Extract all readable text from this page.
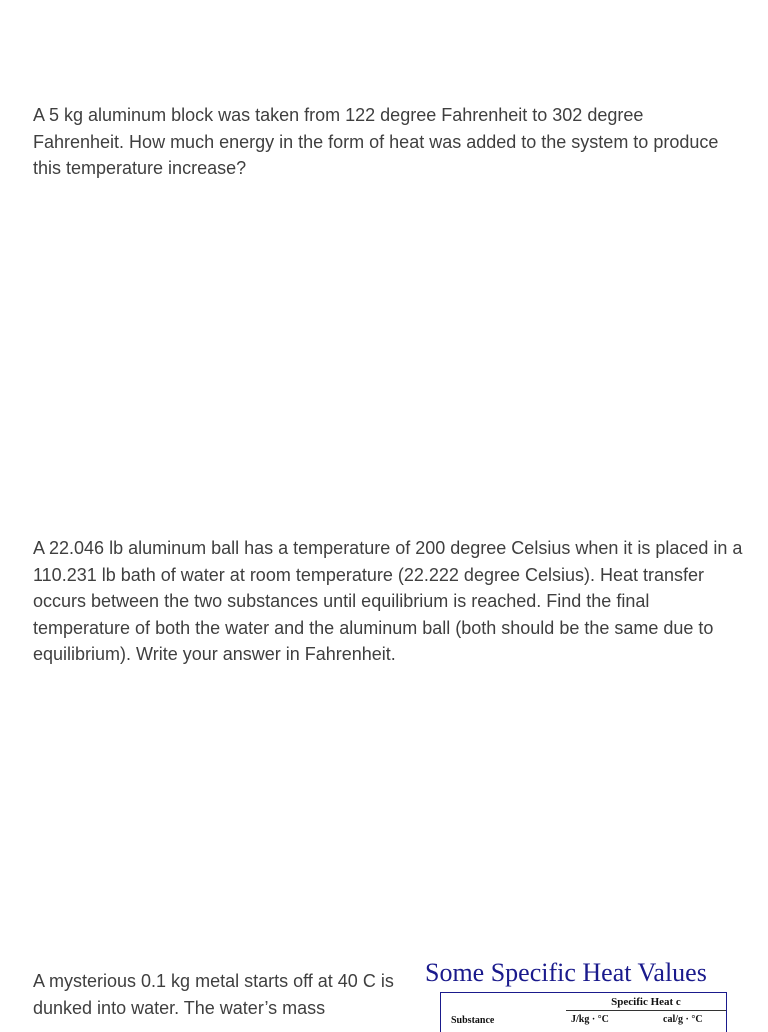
A 5 kg aluminum block was taken from 122 degree Fahrenheit to 302 degree Fahrenheit. How much energy in the form of heat was added to the system to produce this temperature increase?

A 22.046 lb aluminum ball has a temperature of 200 degree Celsius when it is placed in a 110.231 lb bath of water at room temperature (22.222 degree Celsius). Heat transfer occurs between the two substances until equilibrium is reached. Find the final temperature of both the water and the aluminum ball (both should be the same due to equilibrium). Write your answer in Fahrenheit.

A mysterious 0.1 kg metal starts off at 40 C is dunked into water. The water’s mass

Some Specific Heat Values
Specific Heat c
Substance	J/kg · °C	cal/g · °C
